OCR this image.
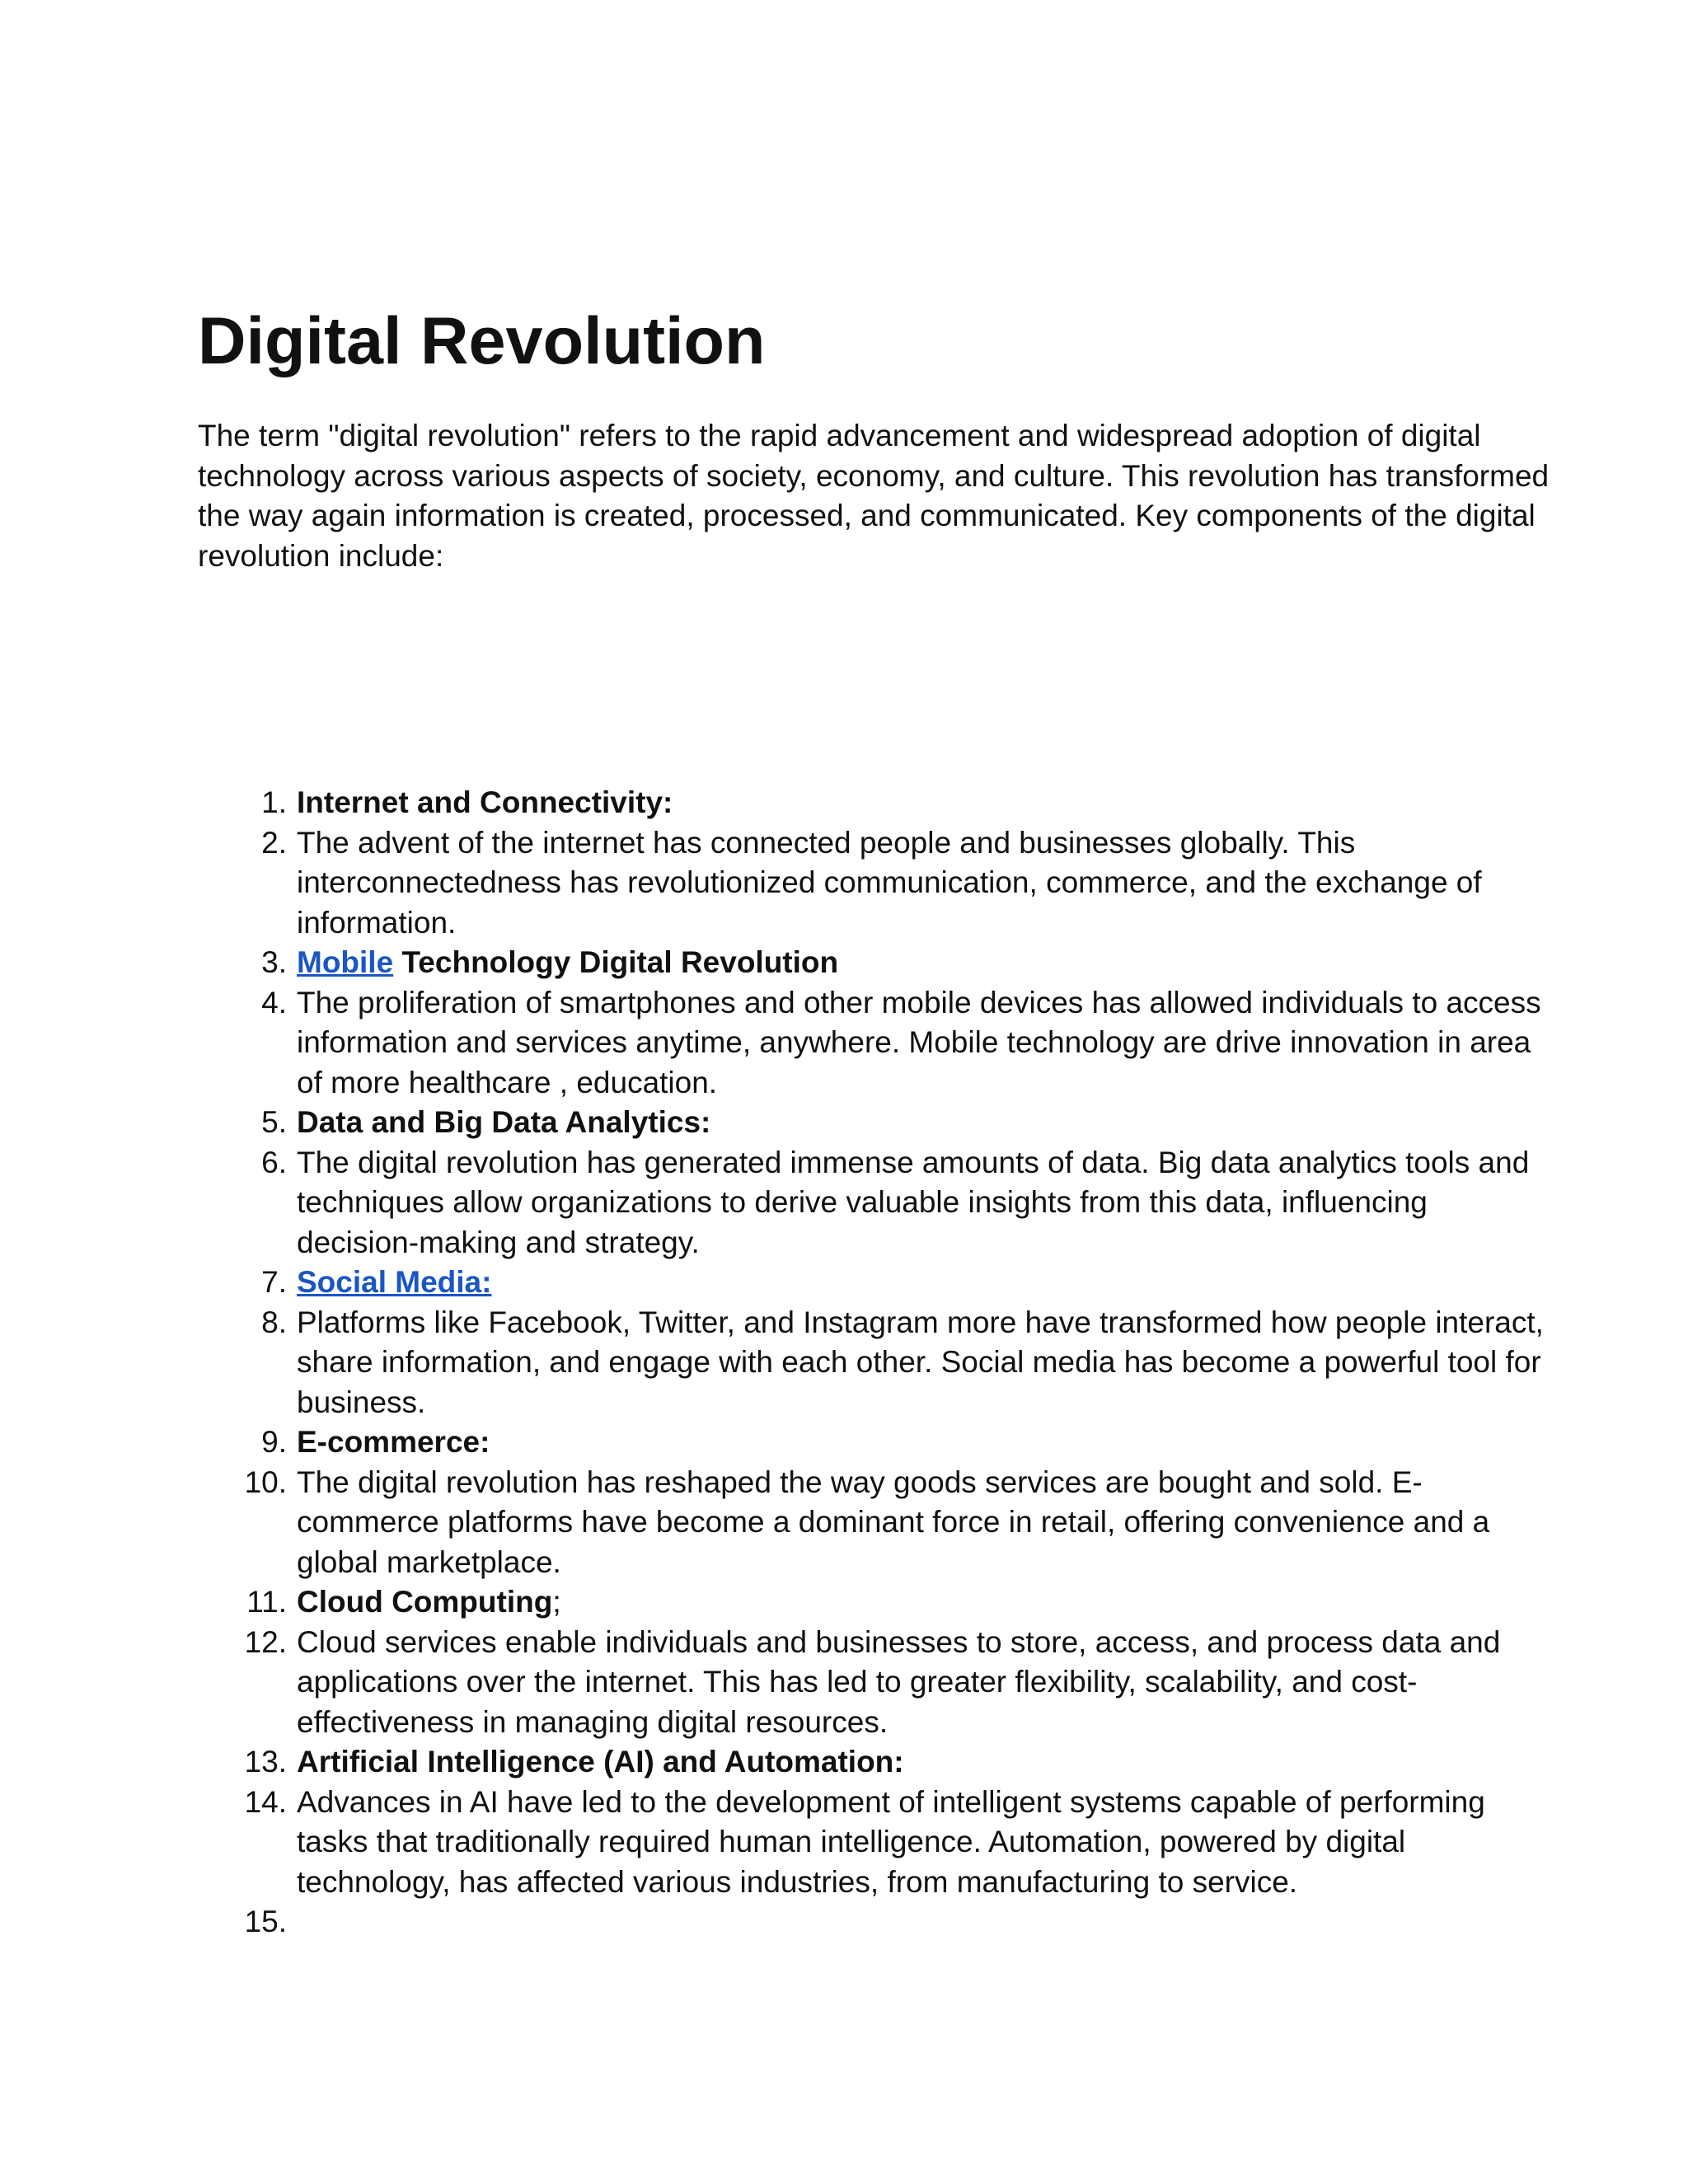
Digital Revolution

The term "digital revolution" refers to the rapid advancement and widespread adoption of digital technology across various aspects of society, economy, and culture. This revolution has transformed the way again information is created, processed, and communicated. Key components of the digital revolution include:

1. Internet and Connectivity:
2. The advent of the internet has connected people and businesses globally. This interconnectedness has revolutionized communication, commerce, and the exchange of information.
3. Mobile Technology Digital Revolution
4. The proliferation of smartphones and other mobile devices has allowed individuals to access information and services anytime, anywhere. Mobile technology are drive innovation in area of more healthcare , education.
5. Data and Big Data Analytics:
6. The digital revolution has generated immense amounts of data. Big data analytics tools and techniques allow organizations to derive valuable insights from this data, influencing decision-making and strategy.
7. Social Media:
8. Platforms like Facebook, Twitter, and Instagram more have transformed how people interact, share information, and engage with each other. Social media has become a powerful tool for business.
9. E-commerce:
10. The digital revolution has reshaped the way goods services are bought and sold. E-commerce platforms have become a dominant force in retail, offering convenience and a global marketplace.
11. Cloud Computing;
12. Cloud services enable individuals and businesses to store, access, and process data and applications over the internet. This has led to greater flexibility, scalability, and cost-effectiveness in managing digital resources.
13. Artificial Intelligence (AI) and Automation:
14. Advances in AI have led to the development of intelligent systems capable of performing tasks that traditionally required human intelligence. Automation, powered by digital technology, has affected various industries, from manufacturing to service.
15.
